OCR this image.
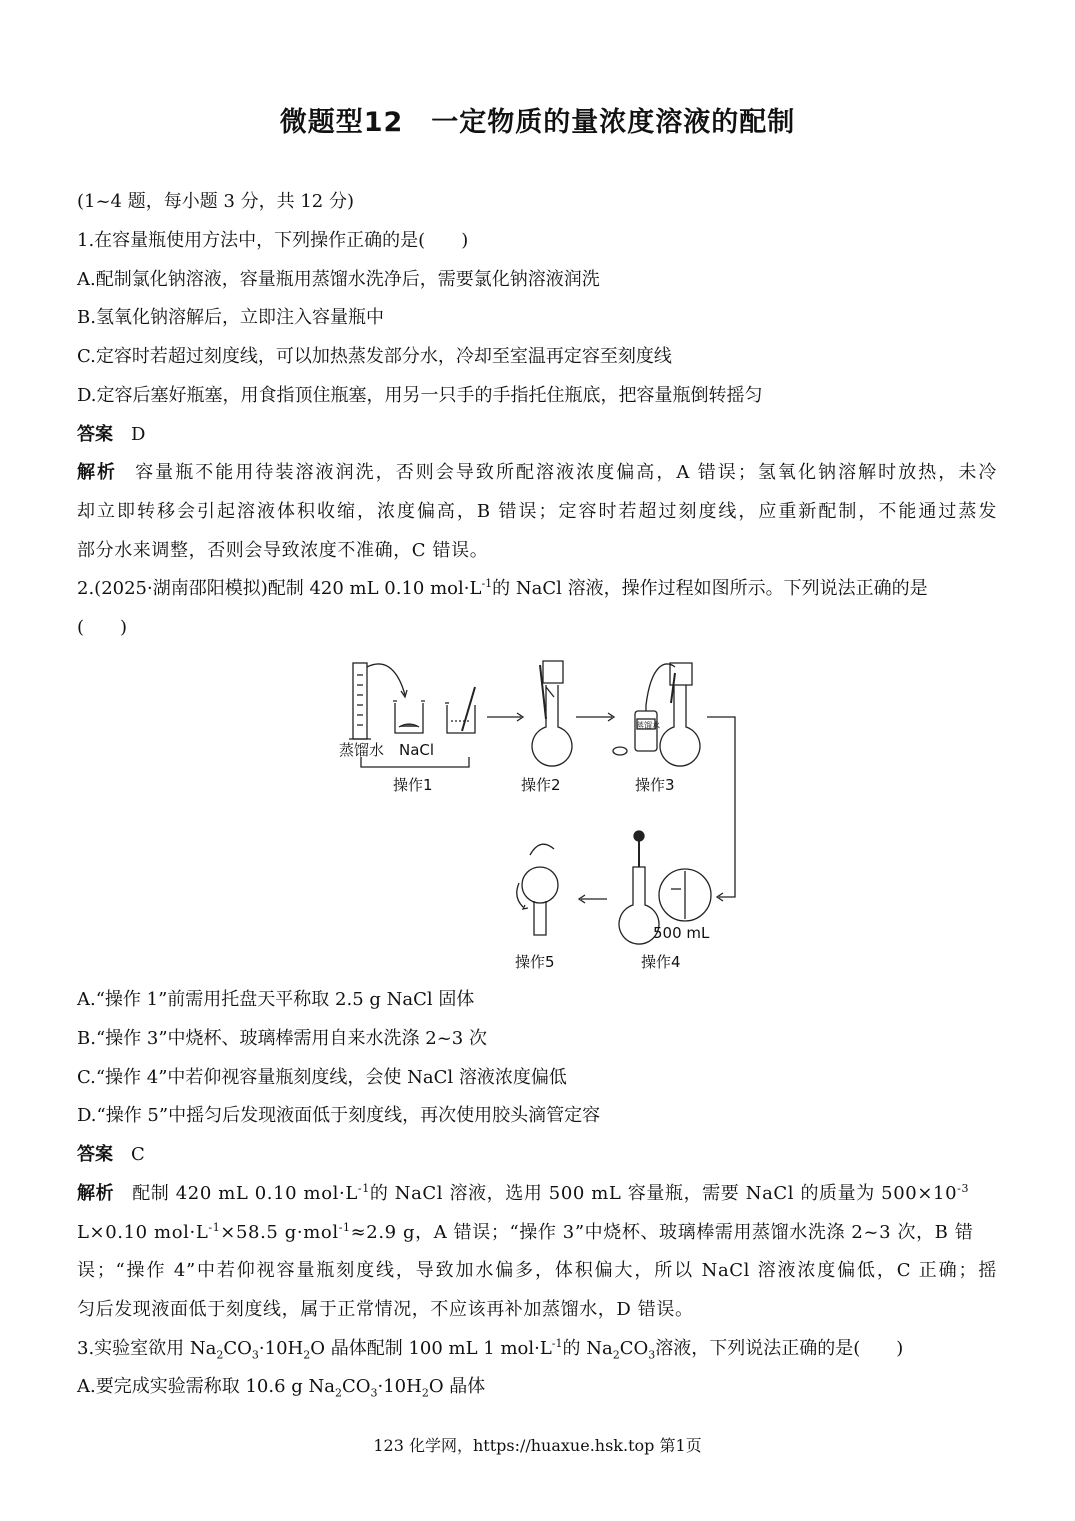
微题型12　一定物质的量浓度溶液的配制
(1~4 题，每小题 3 分，共 12 分)
1.在容量瓶使用方法中，下列操作正确的是(　　)
A.配制氯化钠溶液，容量瓶用蒸馏水洗净后，需要氯化钠溶液润洗
B.氢氧化钠溶解后，立即注入容量瓶中
C.定容时若超过刻度线，可以加热蒸发部分水，冷却至室温再定容至刻度线
D.定容后塞好瓶塞，用食指顶住瓶塞，用另一只手的手指托住瓶底，把容量瓶倒转摇匀
答案 D
解析 容量瓶不能用待装溶液润洗，否则会导致所配溶液浓度偏高，A 错误；氢氧化钠溶解时放热，未冷
却立即转移会引起溶液体积收缩，浓度偏高，B 错误；定容时若超过刻度线，应重新配制，不能通过蒸发
部分水来调整，否则会导致浓度不准确，C 错误。
2.(2025·湖南邵阳模拟)配制 420 mL 0.10 $mol\cdot L^{-1}$的 NaCl 溶液，操作过程如图所示。下列说法正确的是
(　　)
蒸馏水 NaCl
操作1	操作2	操作3
500 mL
操作5	操作4
蒸馏水
A.“操作 1”前需用托盘天平称取 2.5 g NaCl 固体
B.“操作 3”中烧杯、玻璃棒需用自来水洗涤 2~3 次
C.“操作 4”中若仰视容量瓶刻度线，会使 NaCl 溶液浓度偏低
D.“操作 5”中摇匀后发现液面低于刻度线，再次使用胶头滴管定容
答案 C
解析 配制 420 mL 0.10 $mol\cdot L^{-1}$的 NaCl 溶液，选用 500 mL 容量瓶，需要 NaCl 的质量为 $500\times 10^{-3}$
L×0.10 $mol\cdot L^{-1}\times 58.5$ g·mol$^{-1}$≈2.9 g，A 错误；“操作 3”中烧杯、玻璃棒需用蒸馏水洗涤 2~3 次，B 错
误；“操作 4”中若仰视容量瓶刻度线，导致加水偏多，体积偏大，所以 NaCl 溶液浓度偏低，C 正确；摇
匀后发现液面低于刻度线，属于正常情况，不应该再补加蒸馏水，D 错误。
3.实验室欲用 $Na_2CO_3\cdot 10H_2O$ 晶体配制 100 mL 1 $mol\cdot L^{-1}$的 $Na_2CO_3$溶液，下列说法正确的是(　　)
A.要完成实验需称取 10.6 g $Na_2CO_3\cdot 10H_2O$ 晶体
123 化学网，https://huaxue.hsk.top 第1页
